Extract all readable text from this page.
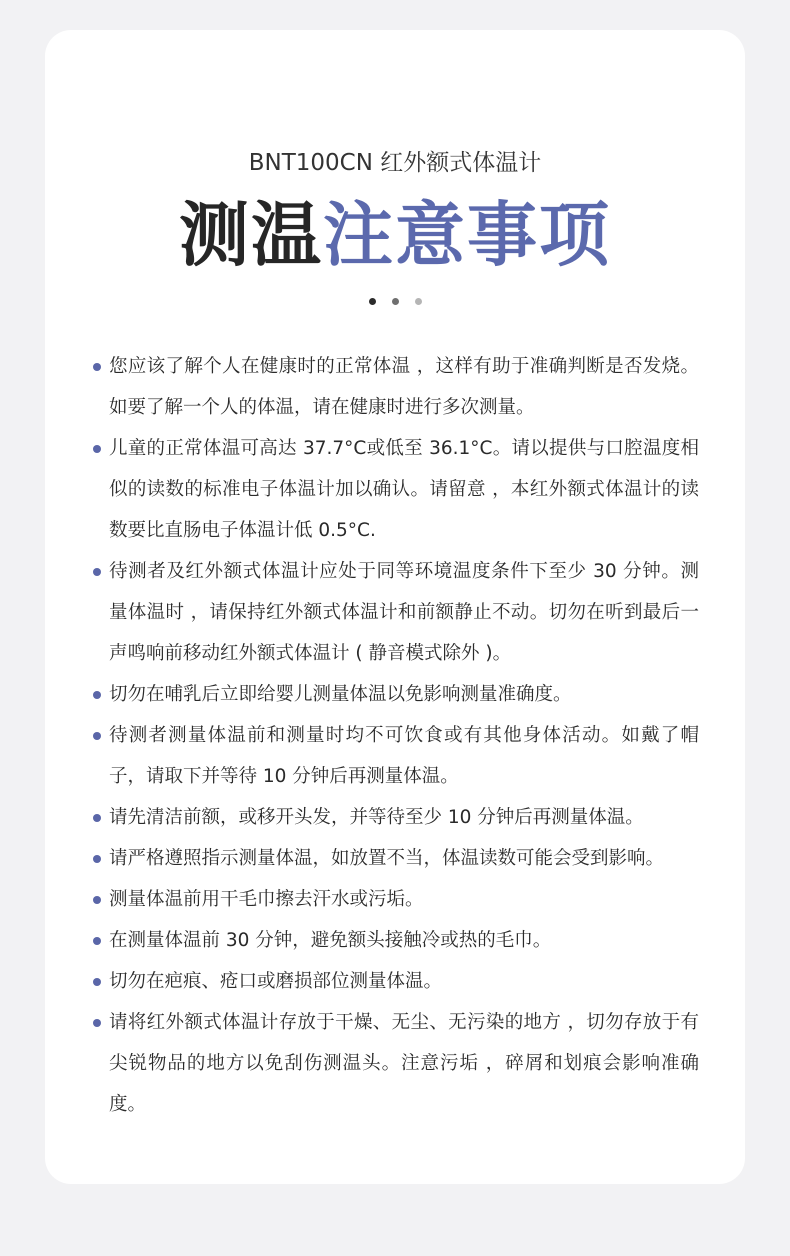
BNT100CN 红外额式体温计
测温注意事项
您应该了解个人在健康时的正常体温 ，这样有助于准确判断是否发烧。如要了解一个人的体温，请在健康时进行多次测量。
儿童的正常体温可高达 37.7°C或低至 36.1°C。请以提供与口腔温度相似的读数的标准电子体温计加以确认。请留意 ，本红外额式体温计的读数要比直肠电子体温计低 0.5°C.
待测者及红外额式体温计应处于同等环境温度条件下至少 30 分钟。测量体温时 ，请保持红外额式体温计和前额静止不动。切勿在听到最后一声鸣响前移动红外额式体温计 ( 静音模式除外 )。
切勿在哺乳后立即给婴儿测量体温以免影响测量准确度。
待测者测量体温前和测量时均不可饮食或有其他身体活动。如戴了帽子，请取下并等待 10 分钟后再测量体温。
请先清洁前额，或移开头发，并等待至少 10 分钟后再测量体温。
请严格遵照指示测量体温，如放置不当，体温读数可能会受到影响。
测量体温前用干毛巾擦去汗水或污垢。
在测量体温前 30 分钟，避免额头接触冷或热的毛巾。
切勿在疤痕、疮口或磨损部位测量体温。
请将红外额式体温计存放于干燥、无尘、无污染的地方 ，切勿存放于有尖锐物品的地方以免刮伤测温头。注意污垢 ，碎屑和划痕会影响准确度。
